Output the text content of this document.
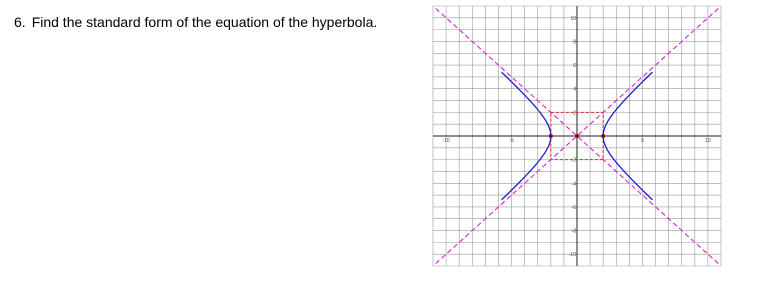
6. Find the standard form of the equation of the hyperbola.
-10	-5	5	10
10
8
6
4
2
-2
-4
-6
-8
-10
